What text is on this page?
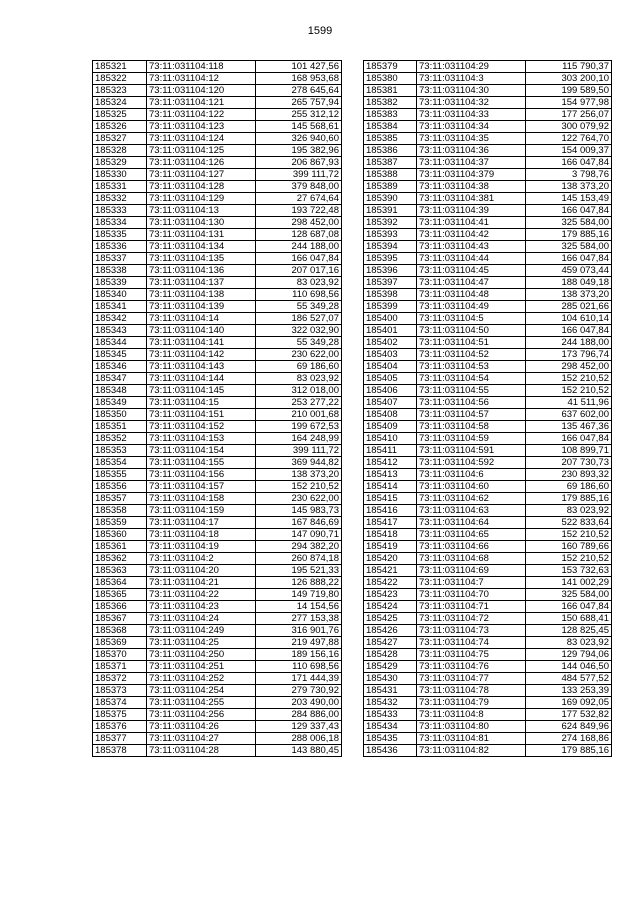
1599
185321	73:11:031104:118	101 427,56
185322	73:11:031104:12	168 953,68
185323	73:11:031104:120	278 645,64
185324	73:11:031104:121	265 757,94
185325	73:11:031104:122	255 312,12
185326	73:11:031104:123	145 568,61
185327	73:11:031104:124	326 940,60
185328	73:11:031104:125	195 382,96
185329	73:11:031104:126	206 867,93
185330	73:11:031104:127	399 111,72
185331	73:11:031104:128	379 848,00
185332	73:11:031104:129	27 674,64
185333	73:11:031104:13	193 722,48
185334	73:11:031104:130	298 452,00
185335	73:11:031104:131	128 687,08
185336	73:11:031104:134	244 188,00
185337	73:11:031104:135	166 047,84
185338	73:11:031104:136	207 017,16
185339	73:11:031104:137	83 023,92
185340	73:11:031104:138	110 698,56
185341	73:11:031104:139	55 349,28
185342	73:11:031104:14	186 527,07
185343	73:11:031104:140	322 032,90
185344	73:11:031104:141	55 349,28
185345	73:11:031104:142	230 622,00
185346	73:11:031104:143	69 186,60
185347	73:11:031104:144	83 023,92
185348	73:11:031104:145	312 018,00
185349	73:11:031104:15	253 277,22
185350	73:11:031104:151	210 001,68
185351	73:11:031104:152	199 672,53
185352	73:11:031104:153	164 248,99
185353	73:11:031104:154	399 111,72
185354	73:11:031104:155	369 944,82
185355	73:11:031104:156	138 373,20
185356	73:11:031104:157	152 210,52
185357	73:11:031104:158	230 622,00
185358	73:11:031104:159	145 983,73
185359	73:11:031104:17	167 846,69
185360	73:11:031104:18	147 090,71
185361	73:11:031104:19	294 382,20
185362	73:11:031104:2	260 874,18
185363	73:11:031104:20	195 521,33
185364	73:11:031104:21	126 888,22
185365	73:11:031104:22	149 719,80
185366	73:11:031104:23	14 154,56
185367	73:11:031104:24	277 153,38
185368	73:11:031104:249	316 901,76
185369	73:11:031104:25	219 497,88
185370	73:11:031104:250	189 156,16
185371	73:11:031104:251	110 698,56
185372	73:11:031104:252	171 444,39
185373	73:11:031104:254	279 730,92
185374	73:11:031104:255	203 490,00
185375	73:11:031104:256	284 886,00
185376	73:11:031104:26	129 337,43
185377	73:11:031104:27	288 006,18
185378	73:11:031104:28	143 880,45
185379	73:11:031104:29	115 790,37
185380	73:11:031104:3	303 200,10
185381	73:11:031104:30	199 589,50
185382	73:11:031104:32	154 977,98
185383	73:11:031104:33	177 256,07
185384	73:11:031104:34	300 079,92
185385	73:11:031104:35	122 764,70
185386	73:11:031104:36	154 009,37
185387	73:11:031104:37	166 047,84
185388	73:11:031104:379	3 798,76
185389	73:11:031104:38	138 373,20
185390	73:11:031104:381	145 153,49
185391	73:11:031104:39	166 047,84
185392	73:11:031104:41	325 584,00
185393	73:11:031104:42	179 885,16
185394	73:11:031104:43	325 584,00
185395	73:11:031104:44	166 047,84
185396	73:11:031104:45	459 073,44
185397	73:11:031104:47	188 049,18
185398	73:11:031104:48	138 373,20
185399	73:11:031104:49	285 021,66
185400	73:11:031104:5	104 610,14
185401	73:11:031104:50	166 047,84
185402	73:11:031104:51	244 188,00
185403	73:11:031104:52	173 796,74
185404	73:11:031104:53	298 452,00
185405	73:11:031104:54	152 210,52
185406	73:11:031104:55	152 210,52
185407	73:11:031104:56	41 511,96
185408	73:11:031104:57	637 602,00
185409	73:11:031104:58	135 467,36
185410	73:11:031104:59	166 047,84
185411	73:11:031104:591	108 899,71
185412	73:11:031104:592	207 730,73
185413	73:11:031104:6	230 893,32
185414	73:11:031104:60	69 186,60
185415	73:11:031104:62	179 885,16
185416	73:11:031104:63	83 023,92
185417	73:11:031104:64	522 833,64
185418	73:11:031104:65	152 210,52
185419	73:11:031104:66	160 789,66
185420	73:11:031104:68	152 210,52
185421	73:11:031104:69	153 732,63
185422	73:11:031104:7	141 002,29
185423	73:11:031104:70	325 584,00
185424	73:11:031104:71	166 047,84
185425	73:11:031104:72	150 688,41
185426	73:11:031104:73	128 825,45
185427	73:11:031104:74	83 023,92
185428	73:11:031104:75	129 794,06
185429	73:11:031104:76	144 046,50
185430	73:11:031104:77	484 577,52
185431	73:11:031104:78	133 253,39
185432	73:11:031104:79	169 092,05
185433	73:11:031104:8	177 532,82
185434	73:11:031104:80	624 849,96
185435	73:11:031104:81	274 168,86
185436	73:11:031104:82	179 885,16
